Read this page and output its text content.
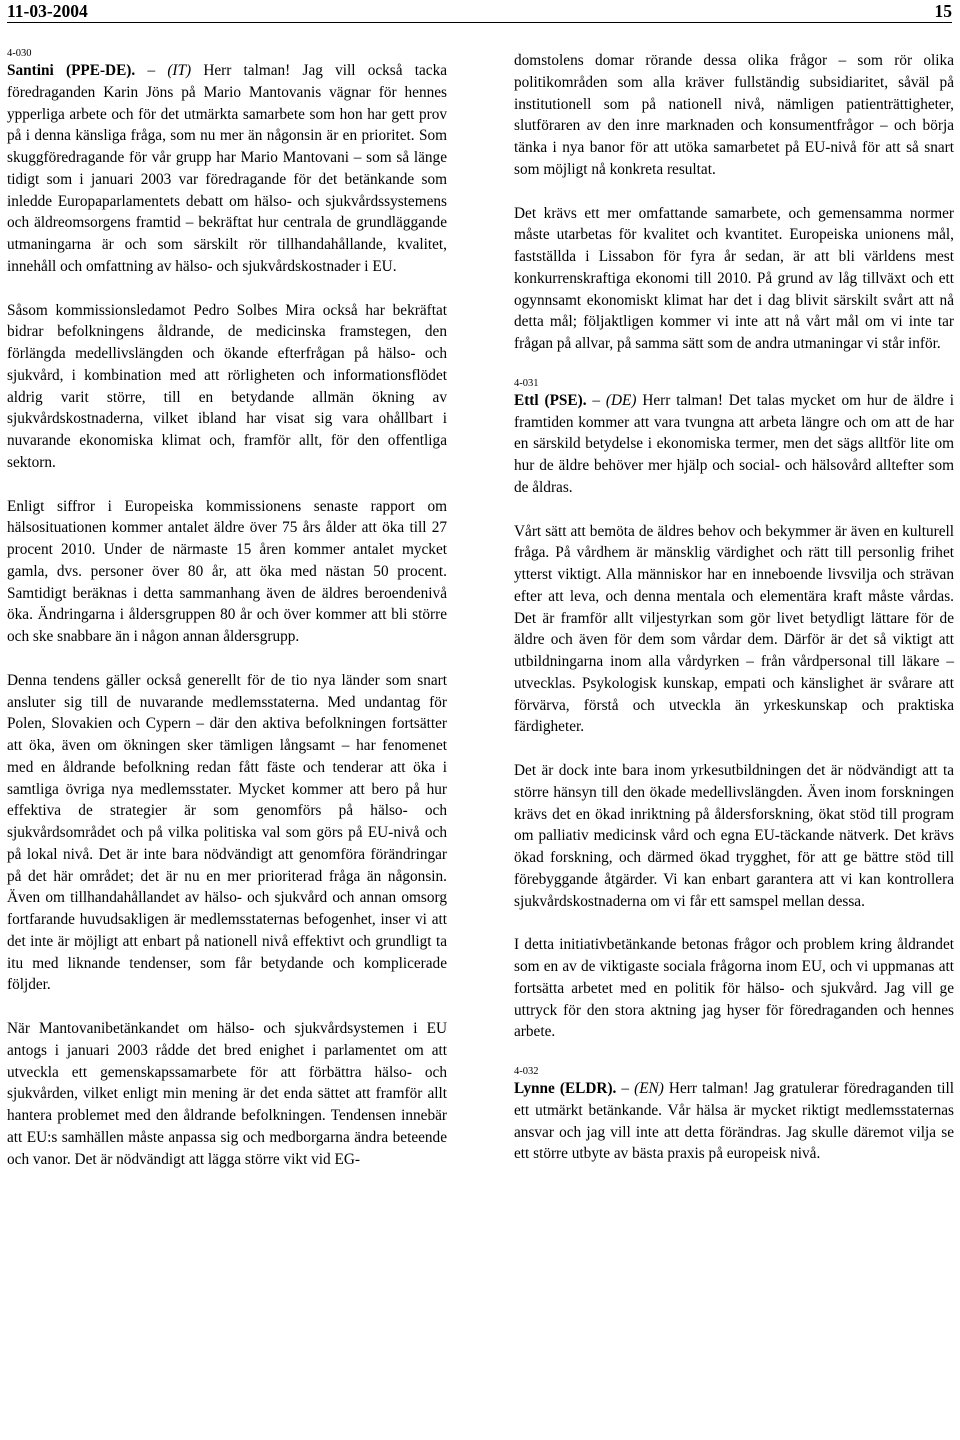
11-03-2004	15
4-030

Santini (PPE-DE). – (IT) Herr talman! Jag vill också tacka föredraganden Karin Jöns på Mario Mantovanis vägnar för hennes ypperliga arbete och för det utmärkta samarbete som hon har gett prov på i denna känsliga fråga, som nu mer än någonsin är en prioritet. Som skuggföredragande för vår grupp har Mario Mantovani – som så länge tidigt som i januari 2003 var föredragande för det betänkande som inledde Europaparlamentets debatt om hälso- och sjukvårdssystemens och äldreomsorgens framtid – bekräftat hur centrala de grundläggande utmaningarna är och som särskilt rör tillhandahållande, kvalitet, innehåll och omfattning av hälso- och sjukvårdskostnader i EU.

Såsom kommissionsledamot Pedro Solbes Mira också har bekräftat bidrar befolkningens åldrande, de medicinska framstegen, den förlängda medellivslängden och ökande efterfrågan på hälso- och sjukvård, i kombination med att rörligheten och informationsflödet aldrig varit större, till en betydande allmän ökning av sjukvårdskostnaderna, vilket ibland har visat sig vara ohållbart i nuvarande ekonomiska klimat och, framför allt, för den offentliga sektorn.

Enligt siffror i Europeiska kommissionens senaste rapport om hälsosituationen kommer antalet äldre över 75 års ålder att öka till 27 procent 2010. Under de närmaste 15 åren kommer antalet mycket gamla, dvs. personer över 80 år, att öka med nästan 50 procent. Samtidigt beräknas i detta sammanhang även de äldres beroendenivå öka. Ändringarna i åldersgruppen 80 år och över kommer att bli större och ske snabbare än i någon annan åldersgrupp.

Denna tendens gäller också generellt för de tio nya länder som snart ansluter sig till de nuvarande medlemsstaterna. Med undantag för Polen, Slovakien och Cypern – där den aktiva befolkningen fortsätter att öka, även om ökningen sker tämligen långsamt – har fenomenet med en åldrande befolkning redan fått fäste och tenderar att öka i samtliga övriga nya medlemsstater. Mycket kommer att bero på hur effektiva de strategier är som genomförs på hälso- och sjukvårdsområdet och på vilka politiska val som görs på EU-nivå och på lokal nivå. Det är inte bara nödvändigt att genomföra förändringar på det här området; det är nu en mer prioriterad fråga än någonsin. Även om tillhandahållandet av hälso- och sjukvård och annan omsorg fortfarande huvudsakligen är medlemsstaternas befogenhet, inser vi att det inte är möjligt att enbart på nationell nivå effektivt och grundligt ta itu med liknande tendenser, som får betydande och komplicerade följder.

När Mantovanibetänkandet om hälso- och sjukvårdsystemen i EU antogs i januari 2003 rådde det bred enighet i parlamentet om att utveckla ett gemenskapssamarbete för att förbättra hälso- och sjukvården, vilket enligt min mening är det enda sättet att framför allt hantera problemet med den åldrande befolkningen. Tendensen innebär att EU:s samhällen måste anpassa sig och medborgarna ändra beteende och vanor. Det är nödvändigt att lägga större vikt vid EG-

domstolens domar rörande dessa olika frågor – som rör olika politikområden som alla kräver fullständig subsidiaritet, såväl på institutionell som på nationell nivå, nämligen patienträttigheter, slutföraren av den inre marknaden och konsumentfrågor – och börja tänka i nya banor för att utöka samarbetet på EU-nivå för att så snart som möjligt nå konkreta resultat.

Det krävs ett mer omfattande samarbete, och gemensamma normer måste utarbetas för kvalitet och kvantitet. Europeiska unionens mål, fastställda i Lissabon för fyra år sedan, är att bli världens mest konkurrenskraftiga ekonomi till 2010. På grund av låg tillväxt och ett ogynnsamt ekonomiskt klimat har det i dag blivit särskilt svårt att nå detta mål; följaktligen kommer vi inte att nå vårt mål om vi inte tar frågan på allvar, på samma sätt som de andra utmaningar vi står inför.

4-031

Ettl (PSE). – (DE) Herr talman! Det talas mycket om hur de äldre i framtiden kommer att vara tvungna att arbeta längre och om att de har en särskild betydelse i ekonomiska termer, men det sägs alltför lite om hur de äldre behöver mer hjälp och social- och hälsovård alltefter som de åldras.

Vårt sätt att bemöta de äldres behov och bekymmer är även en kulturell fråga. På vårdhem är mänsklig värdighet och rätt till personlig frihet ytterst viktigt. Alla människor har en inneboende livsvilja och strävan efter att leva, och denna mentala och elementära kraft måste vårdas. Det är framför allt viljestyrkan som gör livet betydligt lättare för de äldre och även för dem som vårdar dem. Därför är det så viktigt att utbildningarna inom alla vårdyrken – från vårdpersonal till läkare – utvecklas. Psykologisk kunskap, empati och känslighet är svårare att förvärva, förstå och utveckla än yrkeskunskap och praktiska färdigheter.

Det är dock inte bara inom yrkesutbildningen det är nödvändigt att ta större hänsyn till den ökade medellivslängden. Även inom forskningen krävs det en ökad inriktning på åldersforskning, ökat stöd till program om palliativ medicinsk vård och egna EU-täckande nätverk. Det krävs ökad forskning, och därmed ökad trygghet, för att ge bättre stöd till förebyggande åtgärder. Vi kan enbart garantera att vi kan kontrollera sjukvårdskostnaderna om vi får ett samspel mellan dessa.

I detta initiativbetänkande betonas frågor och problem kring åldrandet som en av de viktigaste sociala frågorna inom EU, och vi uppmanas att fortsätta arbetet med en politik för hälso- och sjukvård. Jag vill ge uttryck för den stora aktning jag hyser för föredraganden och hennes arbete.

4-032

Lynne (ELDR). – (EN) Herr talman! Jag gratulerar föredraganden till ett utmärkt betänkande. Vår hälsa är mycket riktigt medlemsstaternas ansvar och jag vill inte att detta förändras. Jag skulle däremot vilja se ett större utbyte av bästa praxis på europeisk nivå.
